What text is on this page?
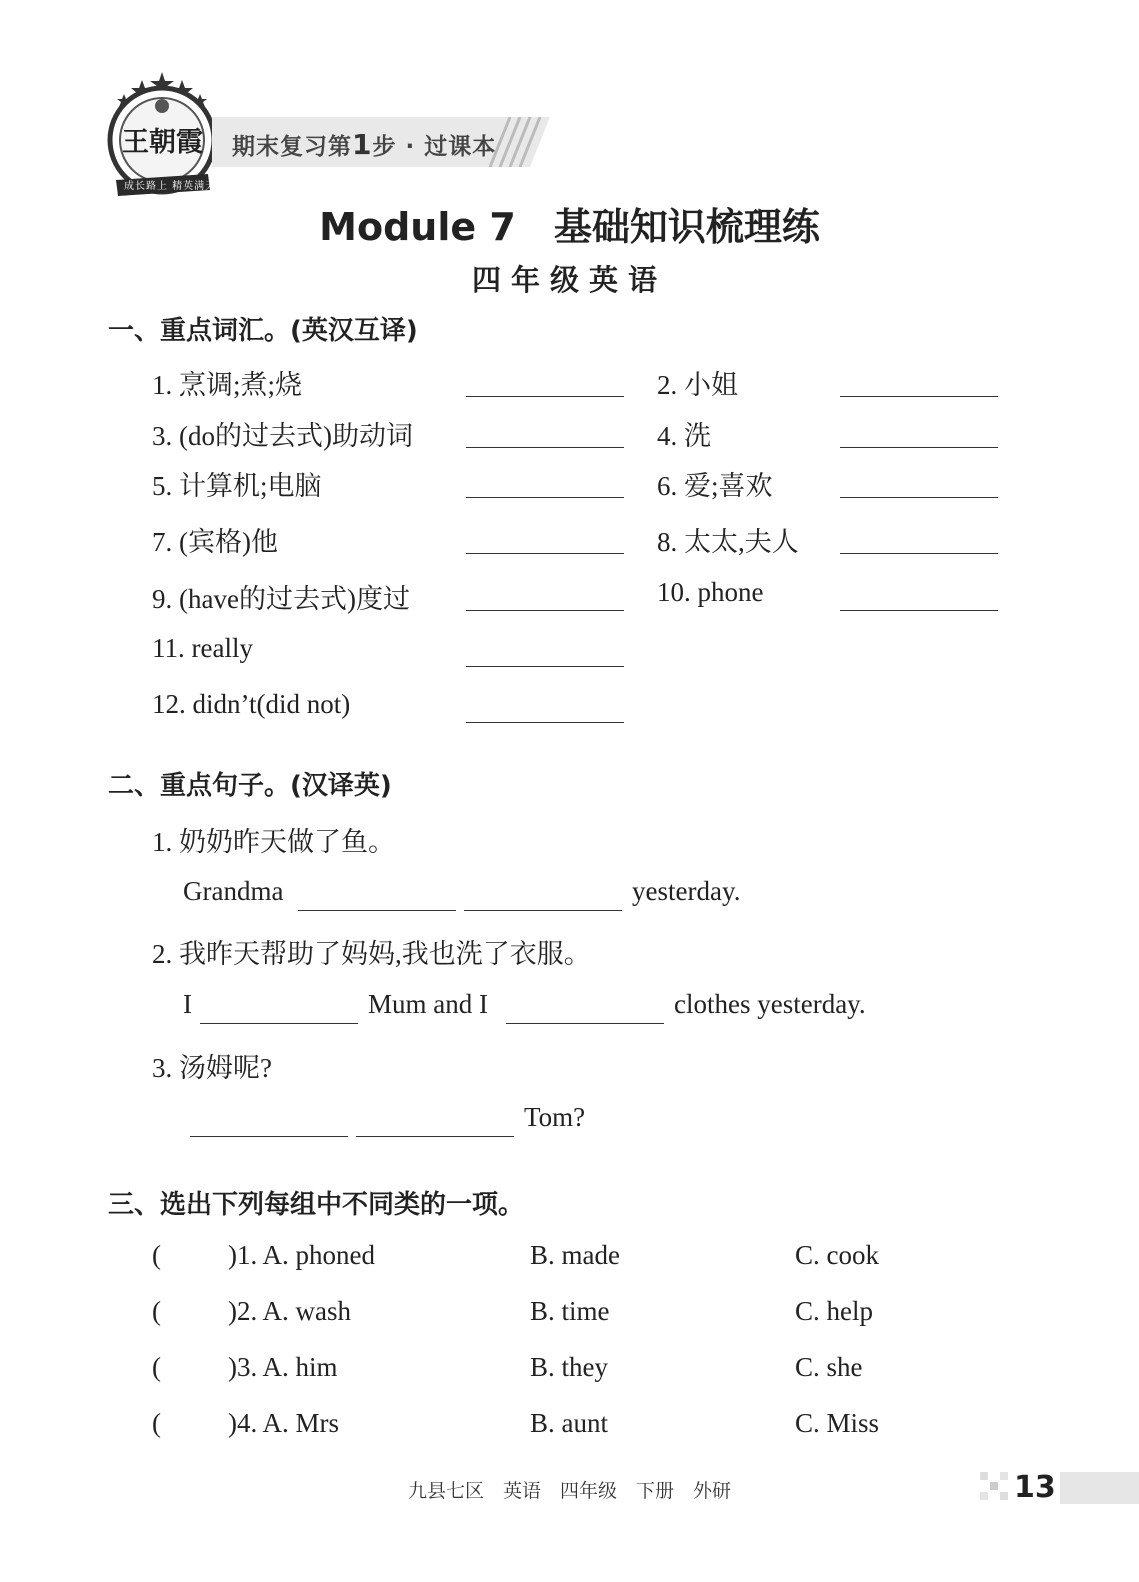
王朝霞
成长路上 精英满天
期末复习第1步 · 过课本
Module 7　基础知识梳理练
四年级英语
一、重点词汇。(英汉互译)
1. 烹调;煮;烧	2. 小姐
3. (do的过去式)助动词	4. 洗
5. 计算机;电脑	6. 爱;喜欢
7. (宾格)他	8. 太太,夫人
9. (have的过去式)度过	10. phone
11. really
12. didn’t(did not)
二、重点句子。(汉译英)
1. 奶奶昨天做了鱼。
Grandma	yesterday.
2. 我昨天帮助了妈妈,我也洗了衣服。
I	Mum and I	clothes yesterday.
3. 汤姆呢?
Tom?
三、选出下列每组中不同类的一项。
( )1. A. phoned	B. made	C. cook
( )2. A. wash	B. time	C. help
( )3. A. him	B. they	C. she
( )4. A. Mrs	B. aunt	C. Miss
九县七区　英语　四年级　下册　外研	13
